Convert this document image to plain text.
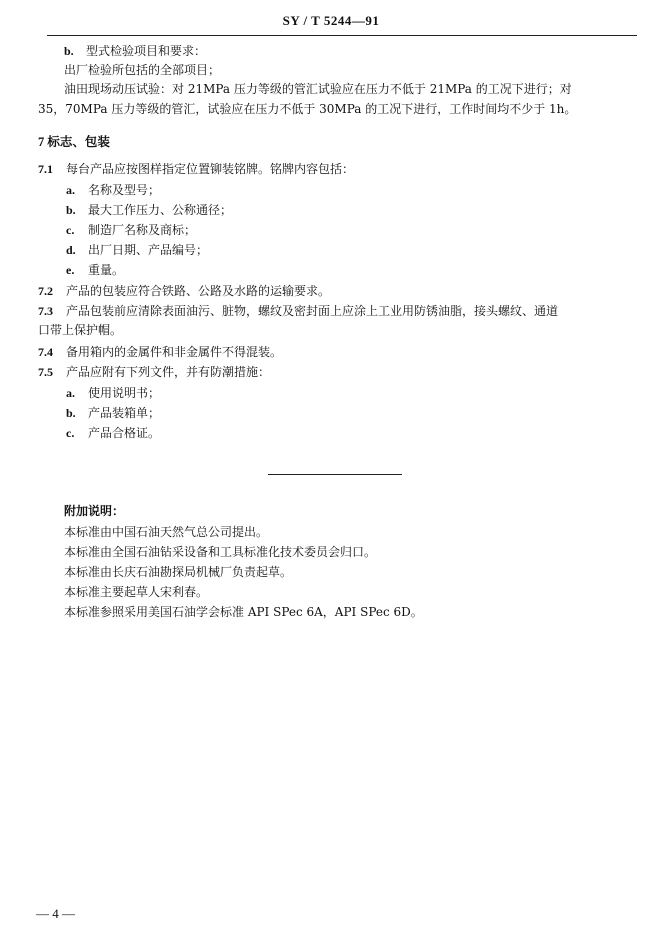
SY / T 5244—91
b. 型式检验项目和要求：
出厂检验所包括的全部项目；
油田现场动压试验：对 21MPa 压力等级的管汇试验应在压力不低于 21MPa 的工况下进行；对
35，70MPa 压力等级的管汇，试验应在压力不低于 30MPa 的工况下进行，工作时间均不少于 1h。
7 标志、包装
7.1 每台产品应按图样指定位置铆装铭牌。铭牌内容包括：
a. 名称及型号；
b. 最大工作压力、公称通径；
c. 制造厂名称及商标；
d. 出厂日期、产品编号；
e. 重量。
7.2 产品的包装应符合铁路、公路及水路的运输要求。
7.3 产品包装前应清除表面油污、脏物，螺纹及密封面上应涂上工业用防锈油脂，接头螺纹、通道
口带上保护帽。
7.4 备用箱内的金属件和非金属件不得混装。
7.5 产品应附有下列文件，并有防潮措施：
a. 使用说明书；
b. 产品装箱单；
c. 产品合格证。
附加说明：
本标准由中国石油天然气总公司提出。
本标准由全国石油钻采设备和工具标准化技术委员会归口。
本标准由长庆石油勘探局机械厂负责起草。
本标准主要起草人宋利春。
本标准参照采用美国石油学会标准 API SPec 6A，API SPec 6D。
— 4 —
